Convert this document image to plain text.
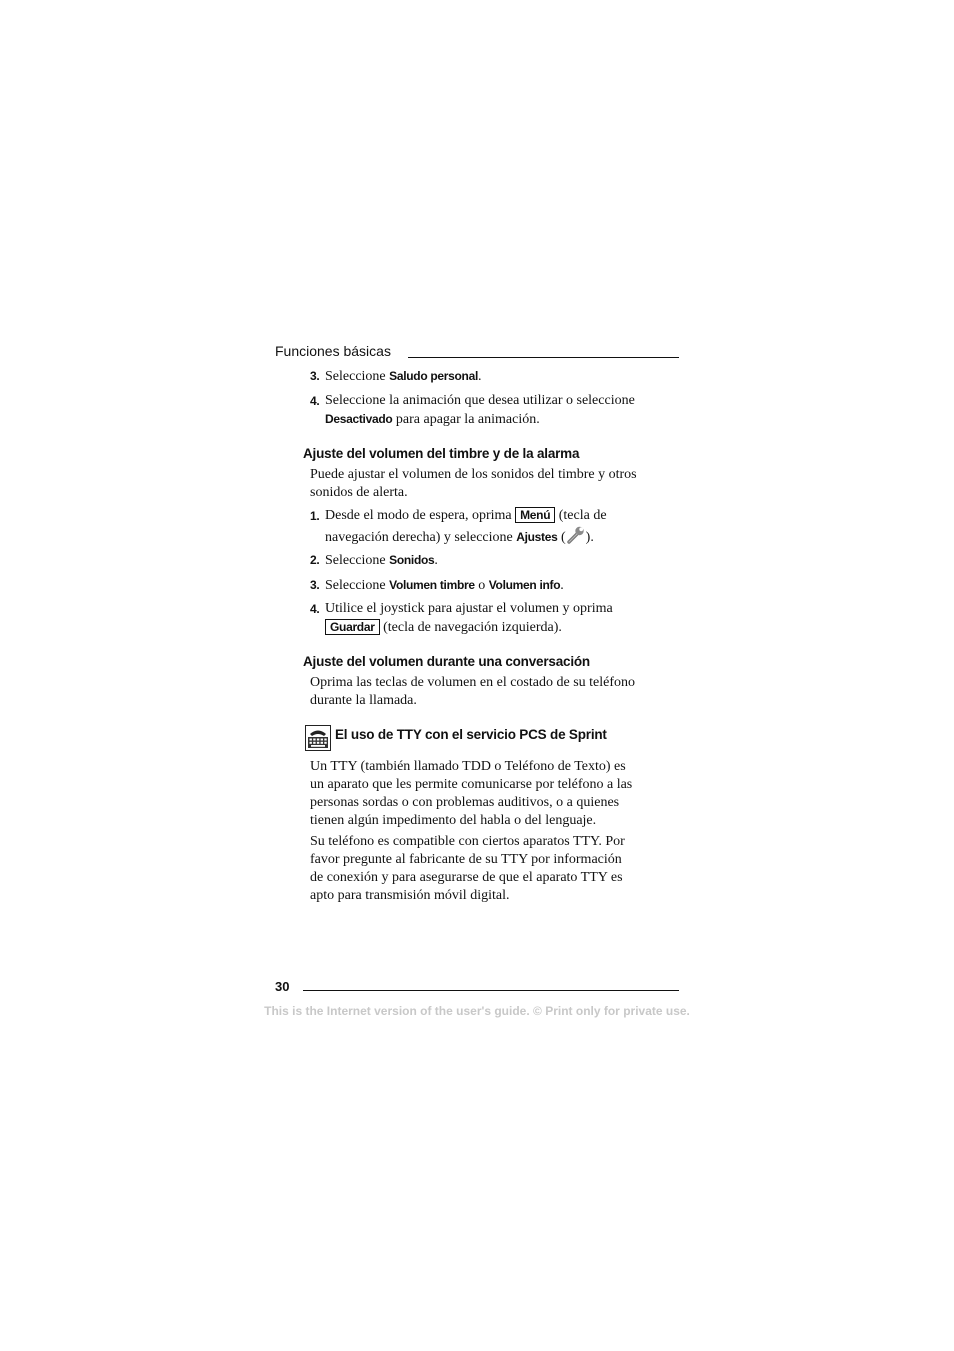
Funciones básicas
3. Seleccione Saludo personal.
4. Seleccione la animación que desea utilizar o seleccione

Desactivado para apagar la animación.

Ajuste del volumen del timbre y de la alarma

Puede ajustar el volumen de los sonidos del timbre y otros

sonidos de alerta.

1. Desde el modo de espera, oprima Menú (tecla de

navegación derecha) y seleccione Ajustes ( ).

2. Seleccione Sonidos.
3. Seleccione Volumen timbre o Volumen info.
4. Utilice el joystick para ajustar el volumen y oprima

Guardar (tecla de navegación izquierda).

Ajuste del volumen durante una conversación

Oprima las teclas de volumen en el costado de su teléfono

durante la llamada.

El uso de TTY con el servicio PCS de Sprint

Un TTY (también llamado TDD o Teléfono de Texto) es

un aparato que les permite comunicarse por teléfono a las

personas sordas o con problemas auditivos, o a quienes

tienen algún impedimento del habla o del lenguaje.

Su teléfono es compatible con ciertos aparatos TTY. Por

favor pregunte al fabricante de su TTY por información

de conexión y para asegurarse de que el aparato TTY es

apto para transmisión móvil digital.

30
This is the Internet version of the user's guide. © Print only for private use.
